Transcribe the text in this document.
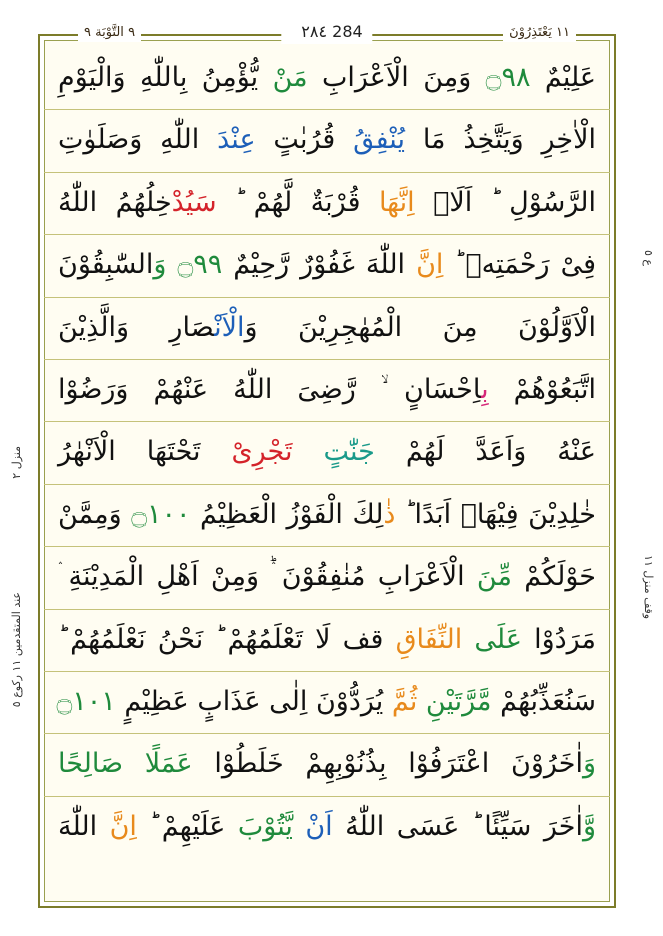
٩ التَّوْبَة ٩	٢٨٤ 284	١١ يَعْتَذِرُوْنَ
منزل ٢
عند المتقدمين ١١ رکوع ٥
ع ٥
وقف منزل ١١
عَلِيْمٌ ۝٩٨ وَمِنَ الْاَعْرَابِ مَنْ يُّؤْمِنُ بِاللّٰهِ وَالْيَوْمِ
الْاٰخِرِ وَيَتَّخِذُ مَا يُنْفِقُ قُرُبٰتٍ عِنْدَ اللّٰهِ وَصَلَوٰتِ
الرَّسُوْلِ ؕ اَلَاۤ اِنَّهَا قُرْبَةٌ لَّهُمْ ؕ سَيُدْخِلُهُمُ اللّٰهُ
فِیْ رَحْمَتِهٖ ؕ اِنَّ اللّٰهَ غَفُوْرٌ رَّحِيْمٌ ۝٩٩ وَالسّٰبِقُوْنَ
الْاَوَّلُوْنَ مِنَ الْمُهٰجِرِيْنَ وَالْاَنْصَارِ وَالَّذِيْنَ
اتَّبَعُوْهُمْ بِاِحْسَانٍ ۙ رَّضِیَ اللّٰهُ عَنْهُمْ وَرَضُوْا
عَنْهُ وَاَعَدَّ لَهُمْ جَنّٰتٍ تَجْرِیْ تَحْتَهَا الْاَنْهٰرُ
خٰلِدِيْنَ فِيْهَاۤ اَبَدًا ؕ ذٰلِكَ الْفَوْزُ الْعَظِيْمُ ۝١٠٠ وَمِمَّنْ
حَوْلَكُمْ مِّنَ الْاَعْرَابِ مُنٰفِقُوْنَ ۛؕ وَمِنْ اَهْلِ الْمَدِيْنَةِ ۛ
مَرَدُوْا عَلَی النِّفَاقِ قف لَا تَعْلَمُهُمْ ؕ نَحْنُ نَعْلَمُهُمْ ؕ
سَنُعَذِّبُهُمْ مَّرَّتَيْنِ ثُمَّ يُرَدُّوْنَ اِلٰی عَذَابٍ عَظِيْمٍ ۝١٠١
وَاٰخَرُوْنَ اعْتَرَفُوْا بِذُنُوْبِهِمْ خَلَطُوْا عَمَلًا صَالِحًا
وَّاٰخَرَ سَيِّئًا ؕ عَسَی اللّٰهُ اَنْ يَّتُوْبَ عَلَيْهِمْ ؕ اِنَّ اللّٰهَ
